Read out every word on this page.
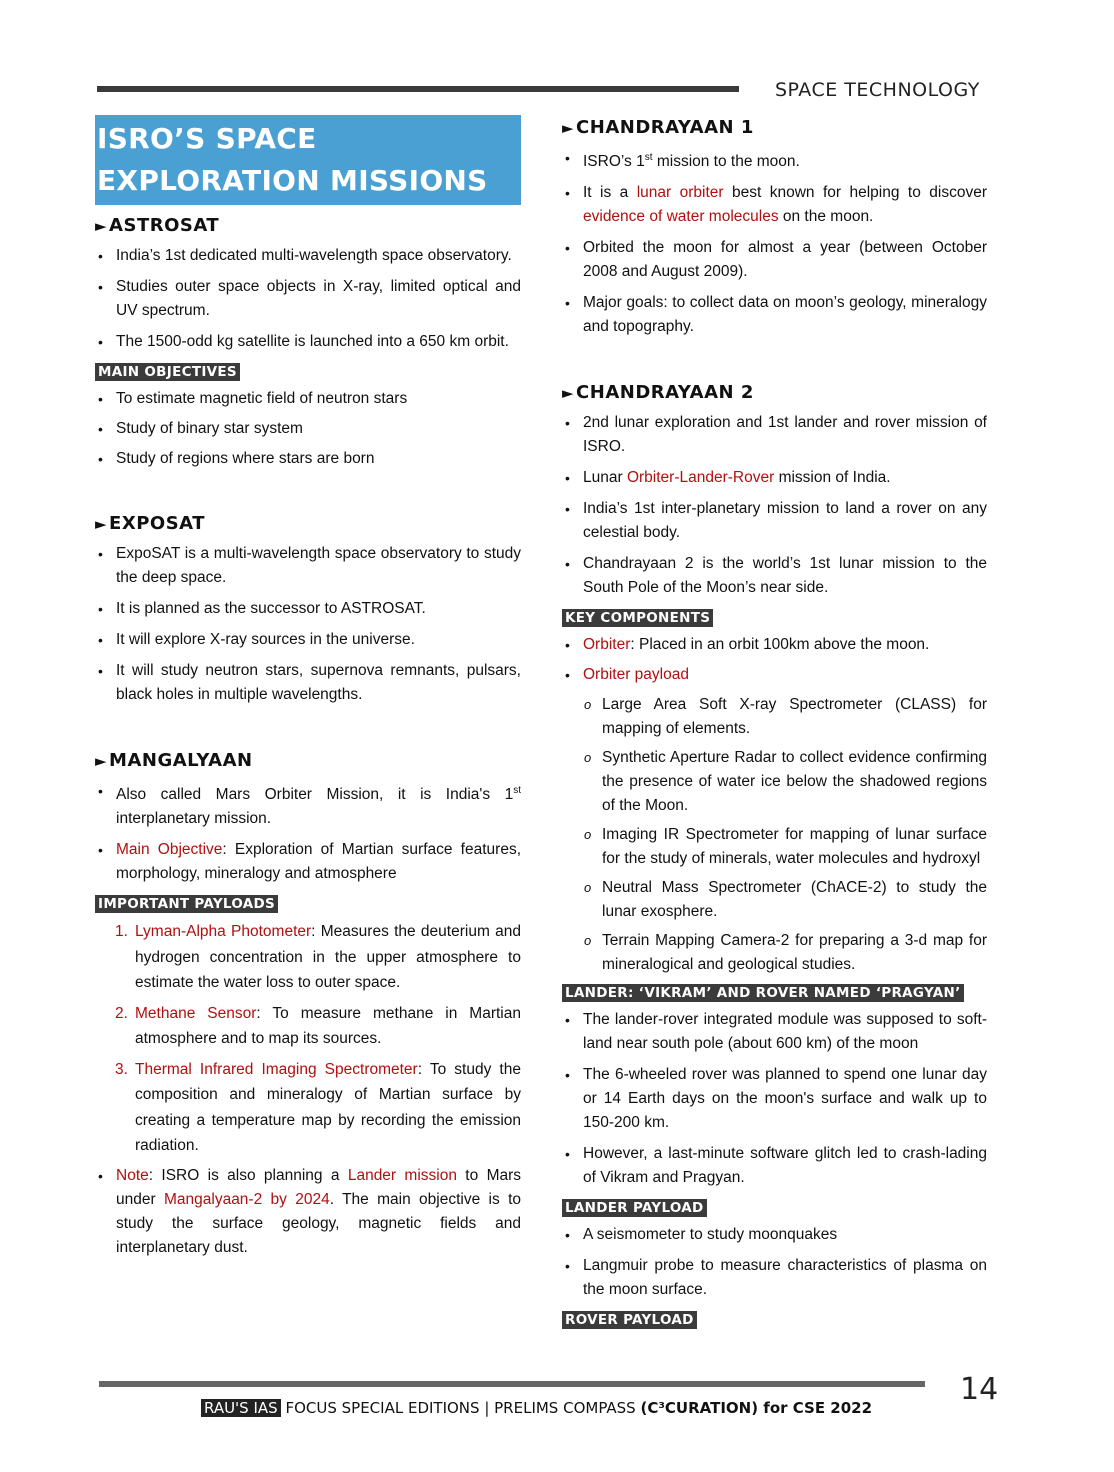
SPACE TECHNOLOGY
ISRO’S SPACE
EXPLORATION MISSIONS
► ASTROSAT
• India’s 1st dedicated multi-wavelength space observatory.
• Studies outer space objects in X-ray, limited optical and UV spectrum.
• The 1500-odd kg satellite is launched into a 650 km orbit.
MAIN OBJECTIVES
• To estimate magnetic field of neutron stars
• Study of binary star system
• Study of regions where stars are born
► EXPOSAT
• ExpoSAT is a multi-wavelength space observatory to study the deep space.
• It is planned as the successor to ASTROSAT.
• It will explore X-ray sources in the universe.
• It will study neutron stars, supernova remnants, pulsars, black holes in multiple wavelengths.
► MANGALYAAN
• Also called Mars Orbiter Mission, it is India's 1st interplanetary mission.
• Main Objective: Exploration of Martian surface features, morphology, mineralogy and atmosphere
IMPORTANT PAYLOADS
1. Lyman-Alpha Photometer: Measures the deuterium and hydrogen concentration in the upper atmosphere to estimate the water loss to outer space.
2. Methane Sensor: To measure methane in Martian atmosphere and to map its sources.
3. Thermal Infrared Imaging Spectrometer: To study the composition and mineralogy of Martian surface by creating a temperature map by recording the emission radiation.
• Note: ISRO is also planning a Lander mission to Mars under Mangalyaan-2 by 2024. The main objective is to study the surface geology, magnetic fields and interplanetary dust.
► CHANDRAYAAN 1
• ISRO’s 1st mission to the moon.
• It is a lunar orbiter best known for helping to discover evidence of water molecules on the moon.
• Orbited the moon for almost a year (between October 2008 and August 2009).
• Major goals: to collect data on moon’s geology, mineralogy and topography.
► CHANDRAYAAN 2
• 2nd lunar exploration and 1st lander and rover mission of ISRO.
• Lunar Orbiter-Lander-Rover mission of India.
• India’s 1st inter-planetary mission to land a rover on any celestial body.
• Chandrayaan 2 is the world’s 1st lunar mission to the South Pole of the Moon’s near side.
KEY COMPONENTS
• Orbiter: Placed in an orbit 100km above the moon.
• Orbiter payload
o Large Area Soft X-ray Spectrometer (CLASS) for mapping of elements.
o Synthetic Aperture Radar to collect evidence confirming the presence of water ice below the shadowed regions of the Moon.
o Imaging IR Spectrometer for mapping of lunar surface for the study of minerals, water molecules and hydroxyl
o Neutral Mass Spectrometer (ChACE-2) to study the lunar exosphere.
o Terrain Mapping Camera-2 for preparing a 3-d map for mineralogical and geological studies.
LANDER: ‘VIKRAM’ AND ROVER NAMED ‘PRAGYAN’
• The lander-rover integrated module was supposed to soft-land near south pole (about 600 km) of the moon
• The 6-wheeled rover was planned to spend one lunar day or 14 Earth days on the moon's surface and walk up to 150-200 km.
• However, a last-minute software glitch led to crash-lading of Vikram and Pragyan.
LANDER PAYLOAD
• A seismometer to study moonquakes
• Langmuir probe to measure characteristics of plasma on the moon surface.
ROVER PAYLOAD
14
RAU'S IAS FOCUS SPECIAL EDITIONS | PRELIMS COMPASS (C³CURATION) for CSE 2022
